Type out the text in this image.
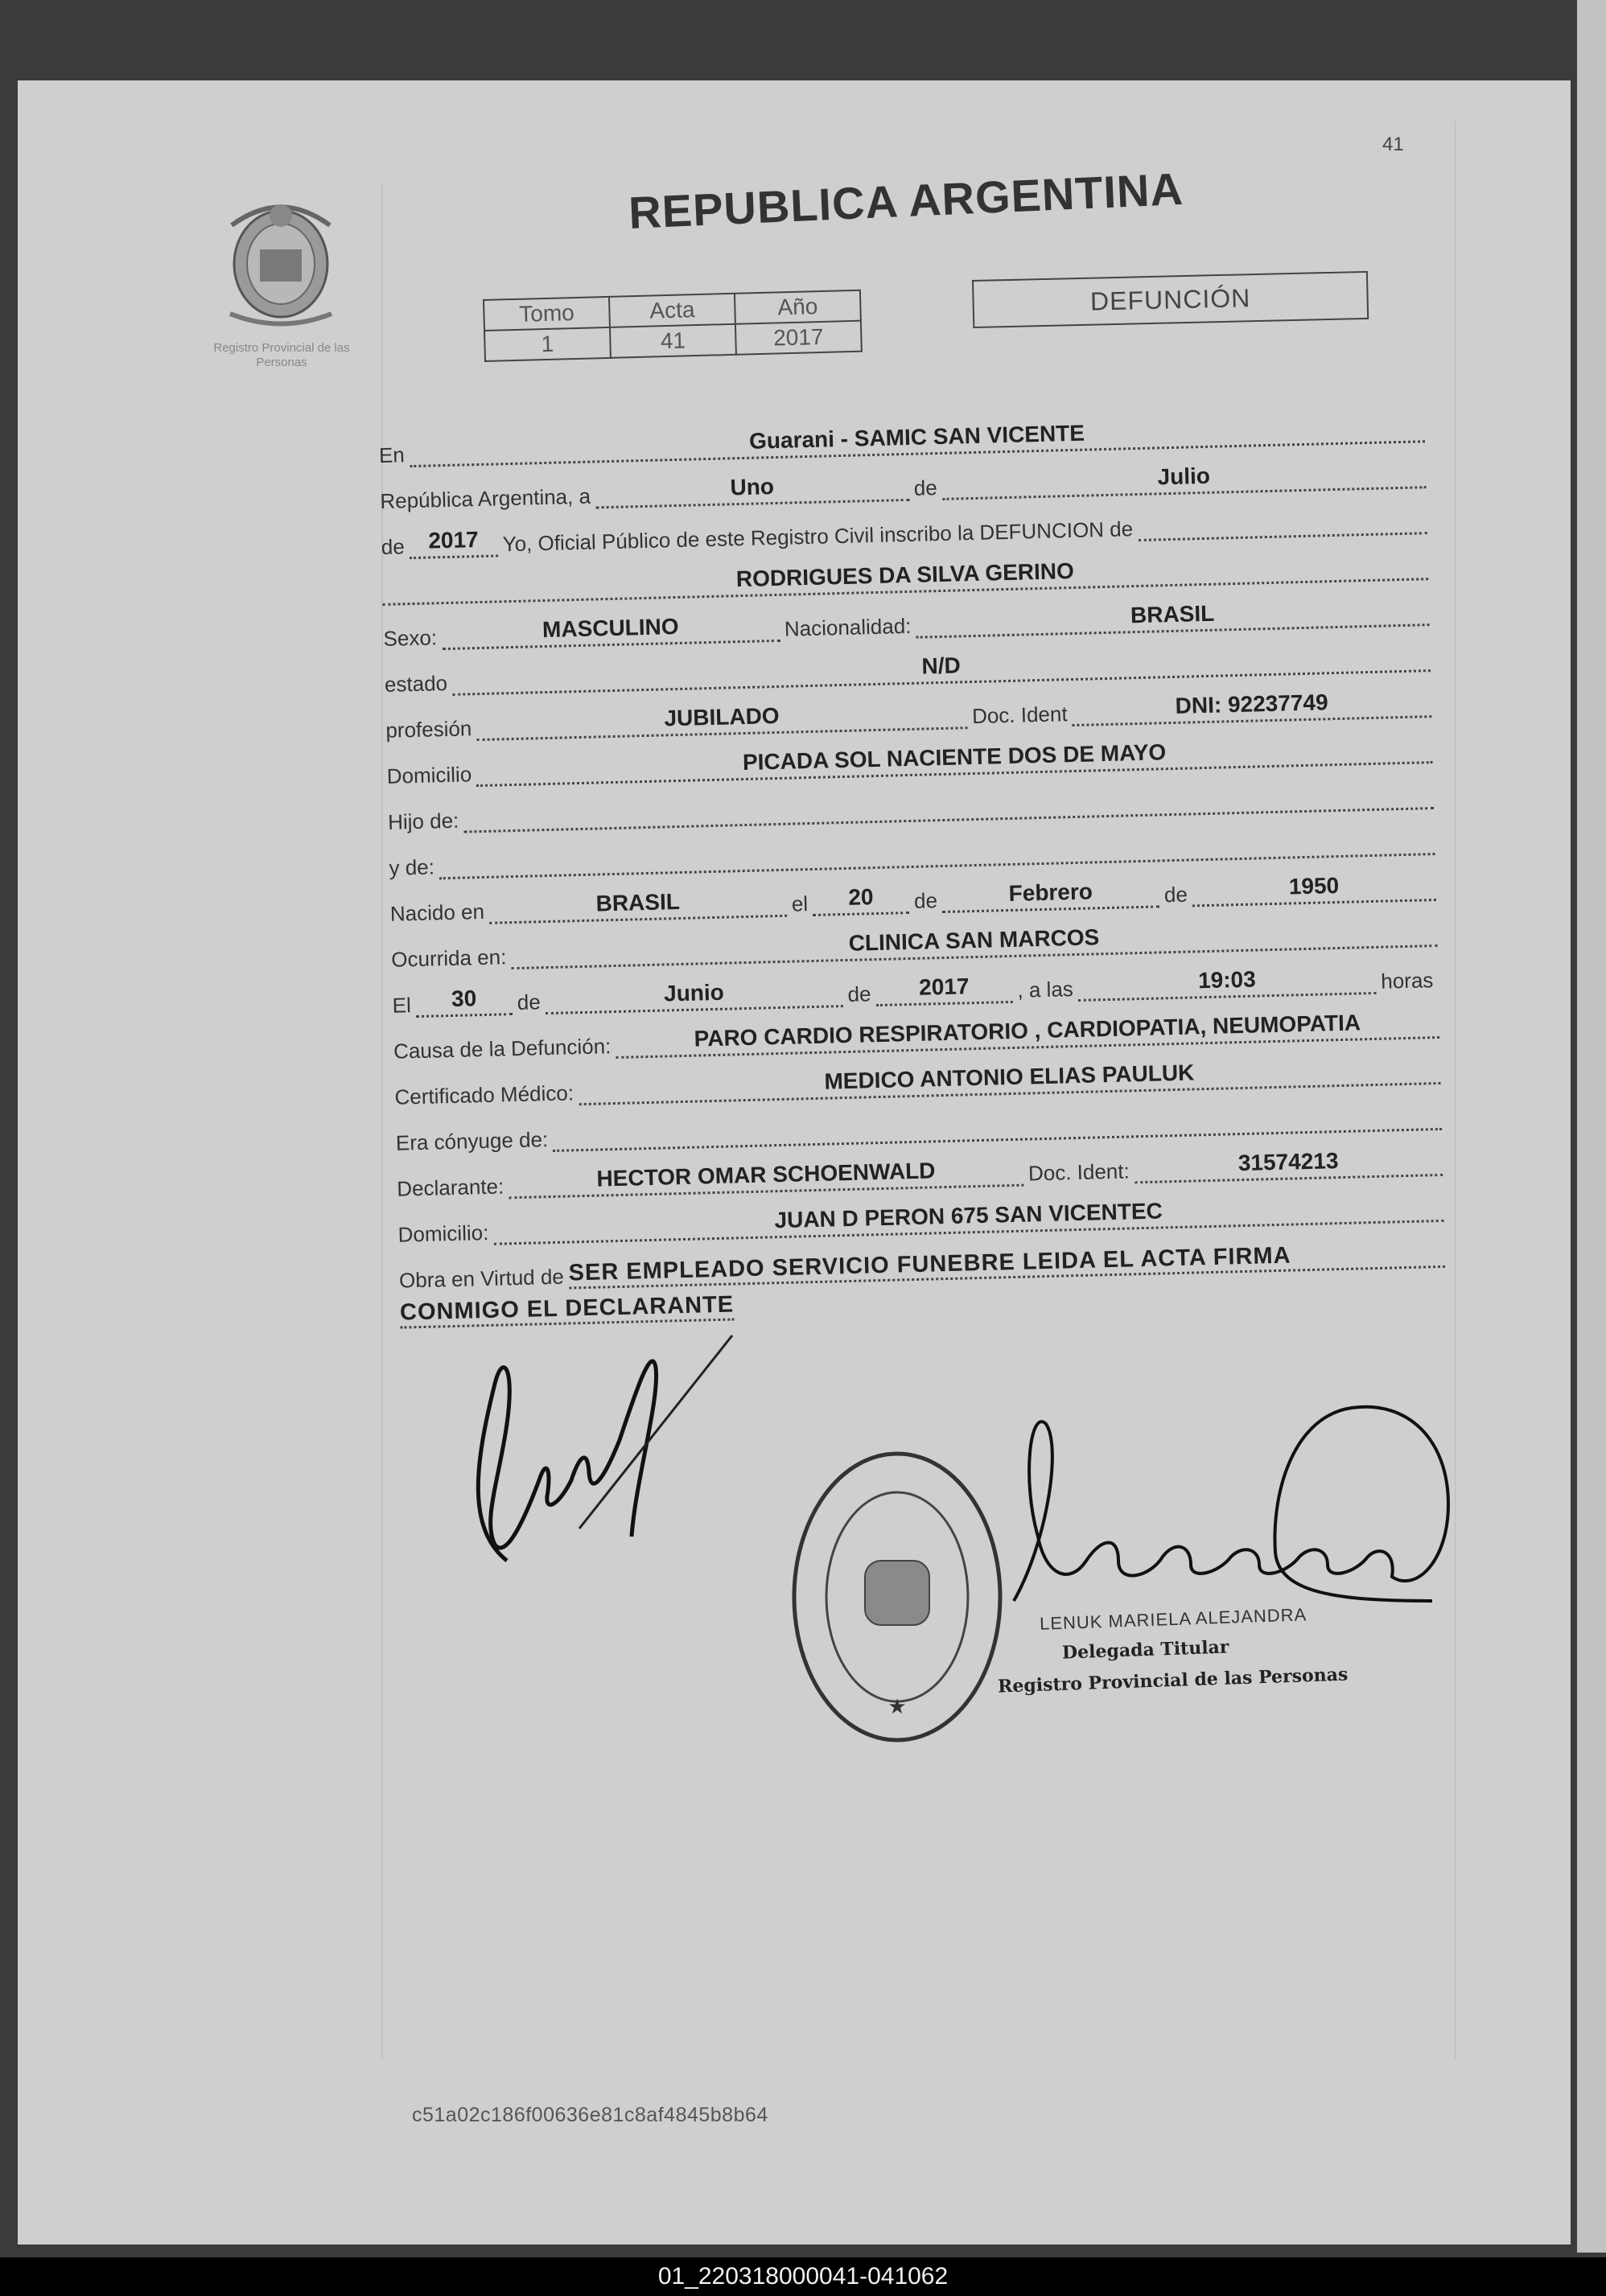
41
Registro Provincial de las Personas
REPUBLICA ARGENTINA
Tomo	Acta	Año
1	41	2017
DEFUNCIÓN
En
Guarani - SAMIC SAN VICENTE
República Argentina, a	Uno	de	Julio
de	2017	Yo, Oficial Público de este Registro Civil inscribo la DEFUNCION de
RODRIGUES DA SILVA GERINO
Sexo:	MASCULINO	Nacionalidad:	BRASIL
estado
N/D
profesión	JUBILADO	Doc. Ident	DNI: 92237749
Domicilio
PICADA SOL NACIENTE DOS DE MAYO
Hijo de:
y de:
Nacido en	BRASIL	el	20	de	Febrero	de	1950
Ocurrida en:
CLINICA SAN MARCOS
El	30	de	Junio	de	2017	, a las	19:03	horas
Causa de la Defunción:	PARO CARDIO RESPIRATORIO , CARDIOPATIA, NEUMOPATIA
Certificado Médico:
MEDICO ANTONIO ELIAS PAULUK
Era cónyuge de:
Declarante:	HECTOR OMAR SCHOENWALD	Doc. Ident:	31574213
Domicilio:
JUAN D PERON 675 SAN VICENTEC
Obra en Virtud de SER EMPLEADO SERVICIO FUNEBRE LEIDA EL ACTA FIRMA
CONMIGO EL DECLARANTE
★
LENUK MARIELA ALEJANDRA
Delegada Titular
Registro Provincial de las Personas
c51a02c186f00636e81c8af4845b8b64
01_220318000041-041062
